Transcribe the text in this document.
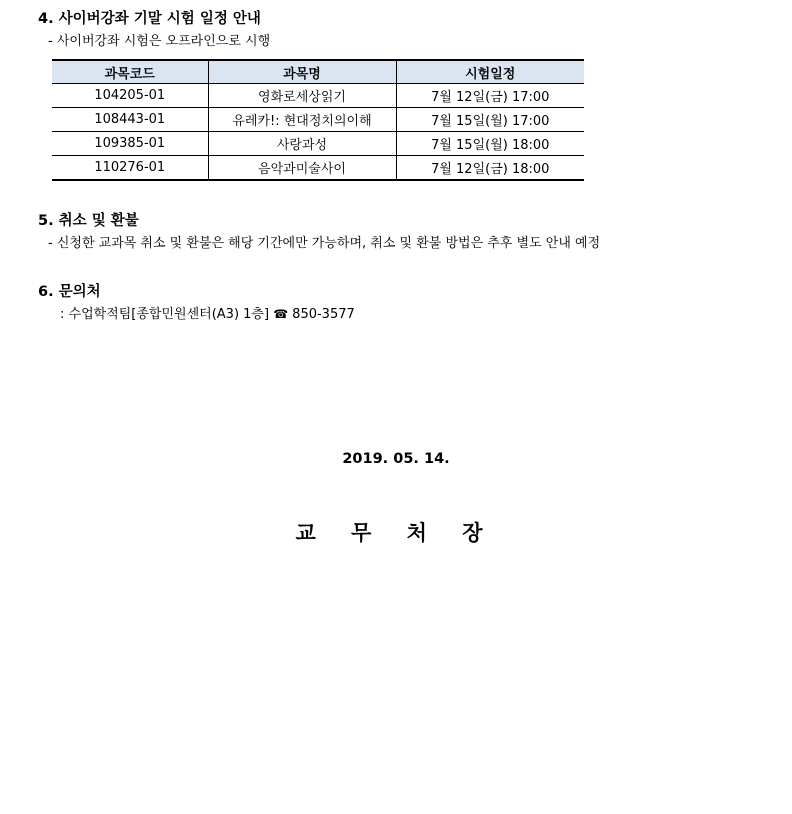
4. 사이버강좌 기말 시험 일정 안내
- 사이버강좌 시험은 오프라인으로 시행
과목코드	과목명	시험일정
104205-01	영화로세상읽기	7월 12일(금) 17:00
108443-01	유레카!: 현대정치의이해	7월 15일(월) 17:00
109385-01	사랑과성	7월 15일(월) 18:00
110276-01	음악과미술사이	7월 12일(금) 18:00
5. 취소 및 환불
- 신청한 교과목 취소 및 환불은 해당 기간에만 가능하며, 취소 및 환불 방법은 추후 별도 안내 예정
6. 문의처
: 수업학적팀[종합민원센터(A3) 1층] ☎ 850-3577
2019. 05. 14.
교 무 처 장
